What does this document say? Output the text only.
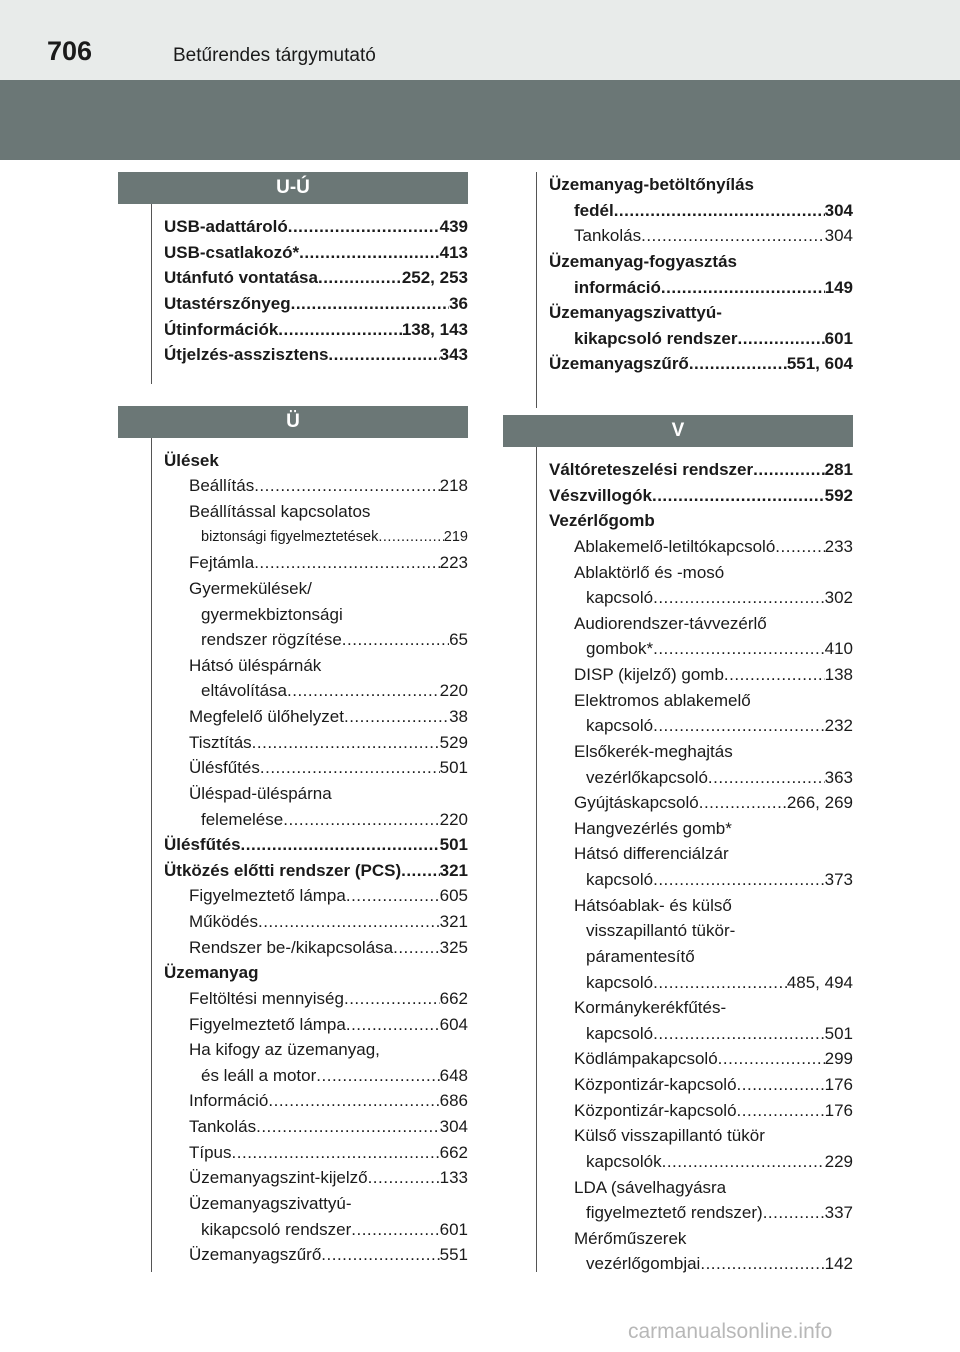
706	Betűrendes tárgymutató
U-Ú
USB-adattároló .....	439
USB-csatlakozó* .....	413
Utánfutó vontatása .....	252, 253
Utastérszőnyeg .....	36
Útinformációk .....	138, 143
Útjelzés-asszisztens .....	343
Ü
Ülések
Beállítás .....	218
Beállítással kapcsolatos
biztonsági figyelmeztetések .....	219
Fejtámla .....	223
Gyermekülések/
gyermekbiztonsági
rendszer rögzítése .....	65
Hátsó üléspárnák
eltávolítása .....	220
Megfelelő ülőhelyzet .....	38
Tisztítás .....	529
Ülésfűtés .....	501
Üléspad-üléspárna
felemelése .....	220
Ülésfűtés .....	501
Ütközés előtti rendszer (PCS) ..... 321
Figyelmeztető lámpa .....	605
Működés .....	321
Rendszer be-/kikapcsolása .....	325
Üzemanyag
Feltöltési mennyiség .....	662
Figyelmeztető lámpa .....	604
Ha kifogy az üzemanyag,
és leáll a motor .....	648
Információ .....	686
Tankolás .....	304
Típus .....	662
Üzemanyagszint-kijelző .....	133
Üzemanyagszivattyú-
kikapcsoló rendszer .....	601
Üzemanyagszűrő .....	551
Üzemanyag-betöltőnyílás
fedél .....	304
Tankolás .....	304
Üzemanyag-fogyasztás
információ .....	149
Üzemanyagszivattyú-
kikapcsoló rendszer .....	601
Üzemanyagszűrő .....	551, 604
V
Váltóreteszelési rendszer .....	281
Vészvillogók .....	592
Vezérlőgomb
Ablakemelő-letiltókapcsoló .....	233
Ablaktörlő és -mosó
kapcsoló .....	302
Audiorendszer-távvezérlő
gombok* .....	410
DISP (kijelző) gomb .....	138
Elektromos ablakemelő
kapcsoló .....	232
Elsőkerék-meghajtás
vezérlőkapcsoló .....	363
Gyújtáskapcsoló .....	266, 269
Hangvezérlés gomb*
Hátsó differenciálzár
kapcsoló .....	373
Hátsóablak- és külső
visszapillantó tükör-
páramentesítő
kapcsoló .....	485, 494
Kormánykerékfűtés-
kapcsoló .....	501
Ködlámpakapcsoló .....	299
Központizár-kapcsoló .....	176
Központizár-kapcsoló .....	176
Külső visszapillantó tükör
kapcsolók .....	229
LDA (sávelhagyásra
figyelmeztető rendszer) .....	337
Mérőműszerek
vezérlőgombjai .....	142
carmanualsonline.info
